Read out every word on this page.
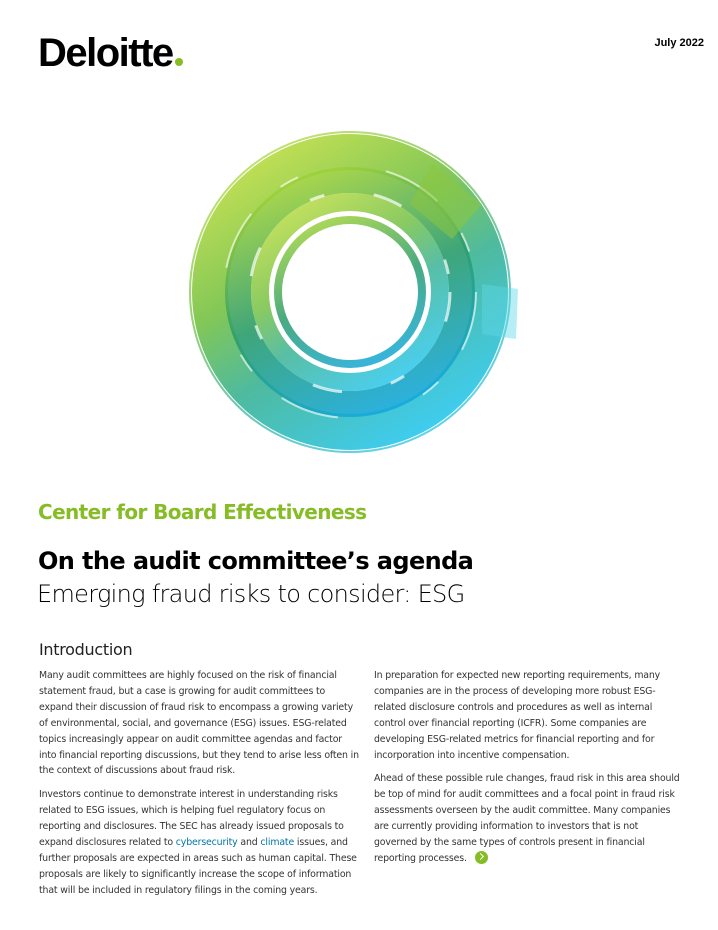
Deloitte	July 2022
Center for Board Effectiveness
On the audit committee’s agenda
Emerging fraud risks to consider: ESG
Introduction

Many audit committees are highly focused on the risk of financial statement fraud, but a case is growing for audit committees to expand their discussion of fraud risk to encompass a growing variety of environmental, social, and governance (ESG) issues. ESG-related topics increasingly appear on audit committee agendas and factor into financial reporting discussions, but they tend to arise less often in the context of discussions about fraud risk.

Investors continue to demonstrate interest in understanding risks related to ESG issues, which is helping fuel regulatory focus on reporting and disclosures. The SEC has already issued proposals to expand disclosures related to cybersecurity and climate issues, and further proposals are expected in areas such as human capital. These proposals are likely to significantly increase the scope of information that will be included in regulatory filings in the coming years.

In preparation for expected new reporting requirements, many companies are in the process of developing more robust ESG-related disclosure controls and procedures as well as internal control over financial reporting (ICFR). Some companies are developing ESG-related metrics for financial reporting and for incorporation into incentive compensation.

Ahead of these possible rule changes, fraud risk in this area should be top of mind for audit committees and a focal point in fraud risk assessments overseen by the audit committee. Many companies are currently providing information to investors that is not governed by the same types of controls present in financial reporting processes.
